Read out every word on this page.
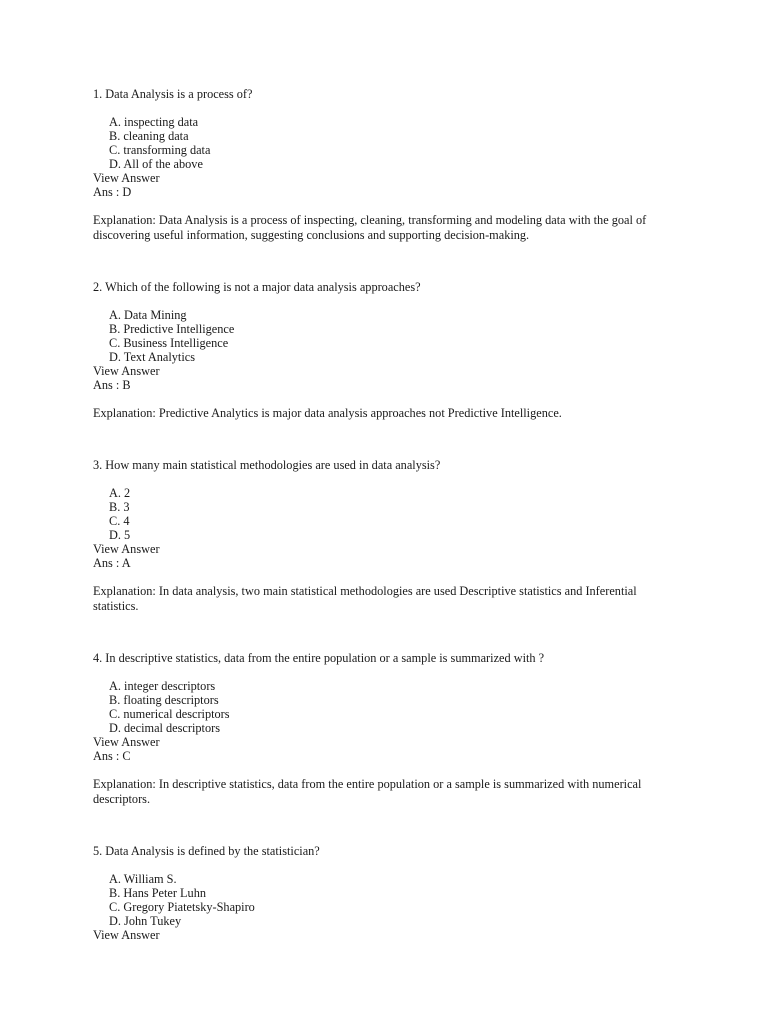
1. Data Analysis is a process of?
A. inspecting data
B. cleaning data
C. transforming data
D. All of the above
View Answer
Ans : D
Explanation: Data Analysis is a process of inspecting, cleaning, transforming and modeling data with the goal of discovering useful information, suggesting conclusions and supporting decision-making.
2. Which of the following is not a major data analysis approaches?
A. Data Mining
B. Predictive Intelligence
C. Business Intelligence
D. Text Analytics
View Answer
Ans : B
Explanation: Predictive Analytics is major data analysis approaches not Predictive Intelligence.
3. How many main statistical methodologies are used in data analysis?
A. 2
B. 3
C. 4
D. 5
View Answer
Ans : A
Explanation: In data analysis, two main statistical methodologies are used Descriptive statistics and Inferential statistics.
4. In descriptive statistics, data from the entire population or a sample is summarized with ?
A. integer descriptors
B. floating descriptors
C. numerical descriptors
D. decimal descriptors
View Answer
Ans : C
Explanation: In descriptive statistics, data from the entire population or a sample is summarized with numerical descriptors.
5. Data Analysis is defined by the statistician?
A. William S.
B. Hans Peter Luhn
C. Gregory Piatetsky-Shapiro
D. John Tukey
View Answer
